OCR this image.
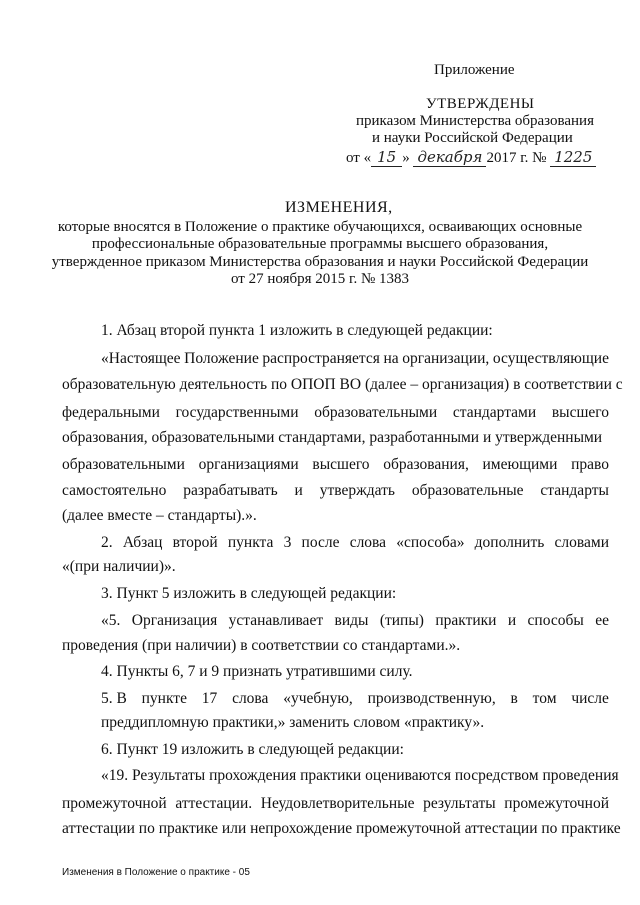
Приложение
УТВЕРЖДЕНЫ
приказом Министерства образования
и науки Российской Федерации
от « 15 » декабря 2017 г. № 1225
ИЗМЕНЕНИЯ,
которые вносятся в Положение о практике обучающихся, осваивающих основные
профессиональные образовательные программы высшего образования,
утвержденное приказом Министерства образования и науки Российской Федерации
от 27 ноября 2015 г. № 1383
1. Абзац второй пункта 1 изложить в следующей редакции:
«Настоящее Положение распространяется на организации, осуществляющие
образовательную деятельность по ОПОП ВО (далее – организация) в соответствии с
федеральными государственными образовательными стандартами высшего
образования, образовательными стандартами, разработанными и утвержденными
образовательными организациями высшего образования, имеющими право
самостоятельно разрабатывать и утверждать образовательные стандарты
(далее вместе – стандарты).».
2. Абзац второй пункта 3 после слова «способа» дополнить словами
«(при наличии)».
3. Пункт 5 изложить в следующей редакции:
«5. Организация устанавливает виды (типы) практики и способы ее
проведения (при наличии) в соответствии со стандартами.».
4. Пункты 6, 7 и 9 признать утратившими силу.
5. В пункте 17 слова «учебную, производственную, в том числе
преддипломную практики,» заменить словом «практику».
6. Пункт 19 изложить в следующей редакции:
«19. Результаты прохождения практики оцениваются посредством проведения
промежуточной аттестации. Неудовлетворительные результаты промежуточной
аттестации по практике или непрохождение промежуточной аттестации по практике
Изменения в Положение о практике - 05
